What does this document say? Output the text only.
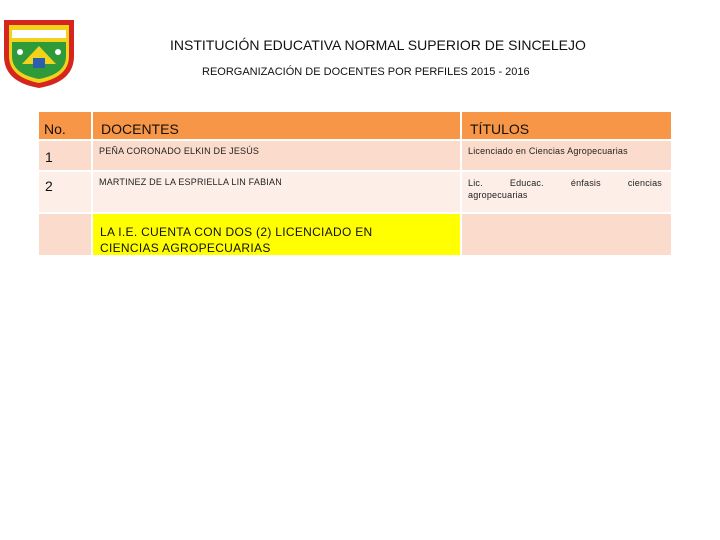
INSTITUCIÓN EDUCATIVA NORMAL SUPERIOR DE SINCELEJO
REORGANIZACIÓN DE DOCENTES POR PERFILES 2015 - 2016
No.	DOCENTES	TÍTULOS
1	PEÑA CORONADO ELKIN DE JESÚS	Licenciado en Ciencias Agropecuarias
2	MARTINEZ DE LA ESPRIELLA LIN FABIAN	Lic. Educac. énfasis ciencias agropecuarias
LA I.E. CUENTA CON DOS (2) LICENCIADO EN CIENCIAS AGROPECUARIAS
